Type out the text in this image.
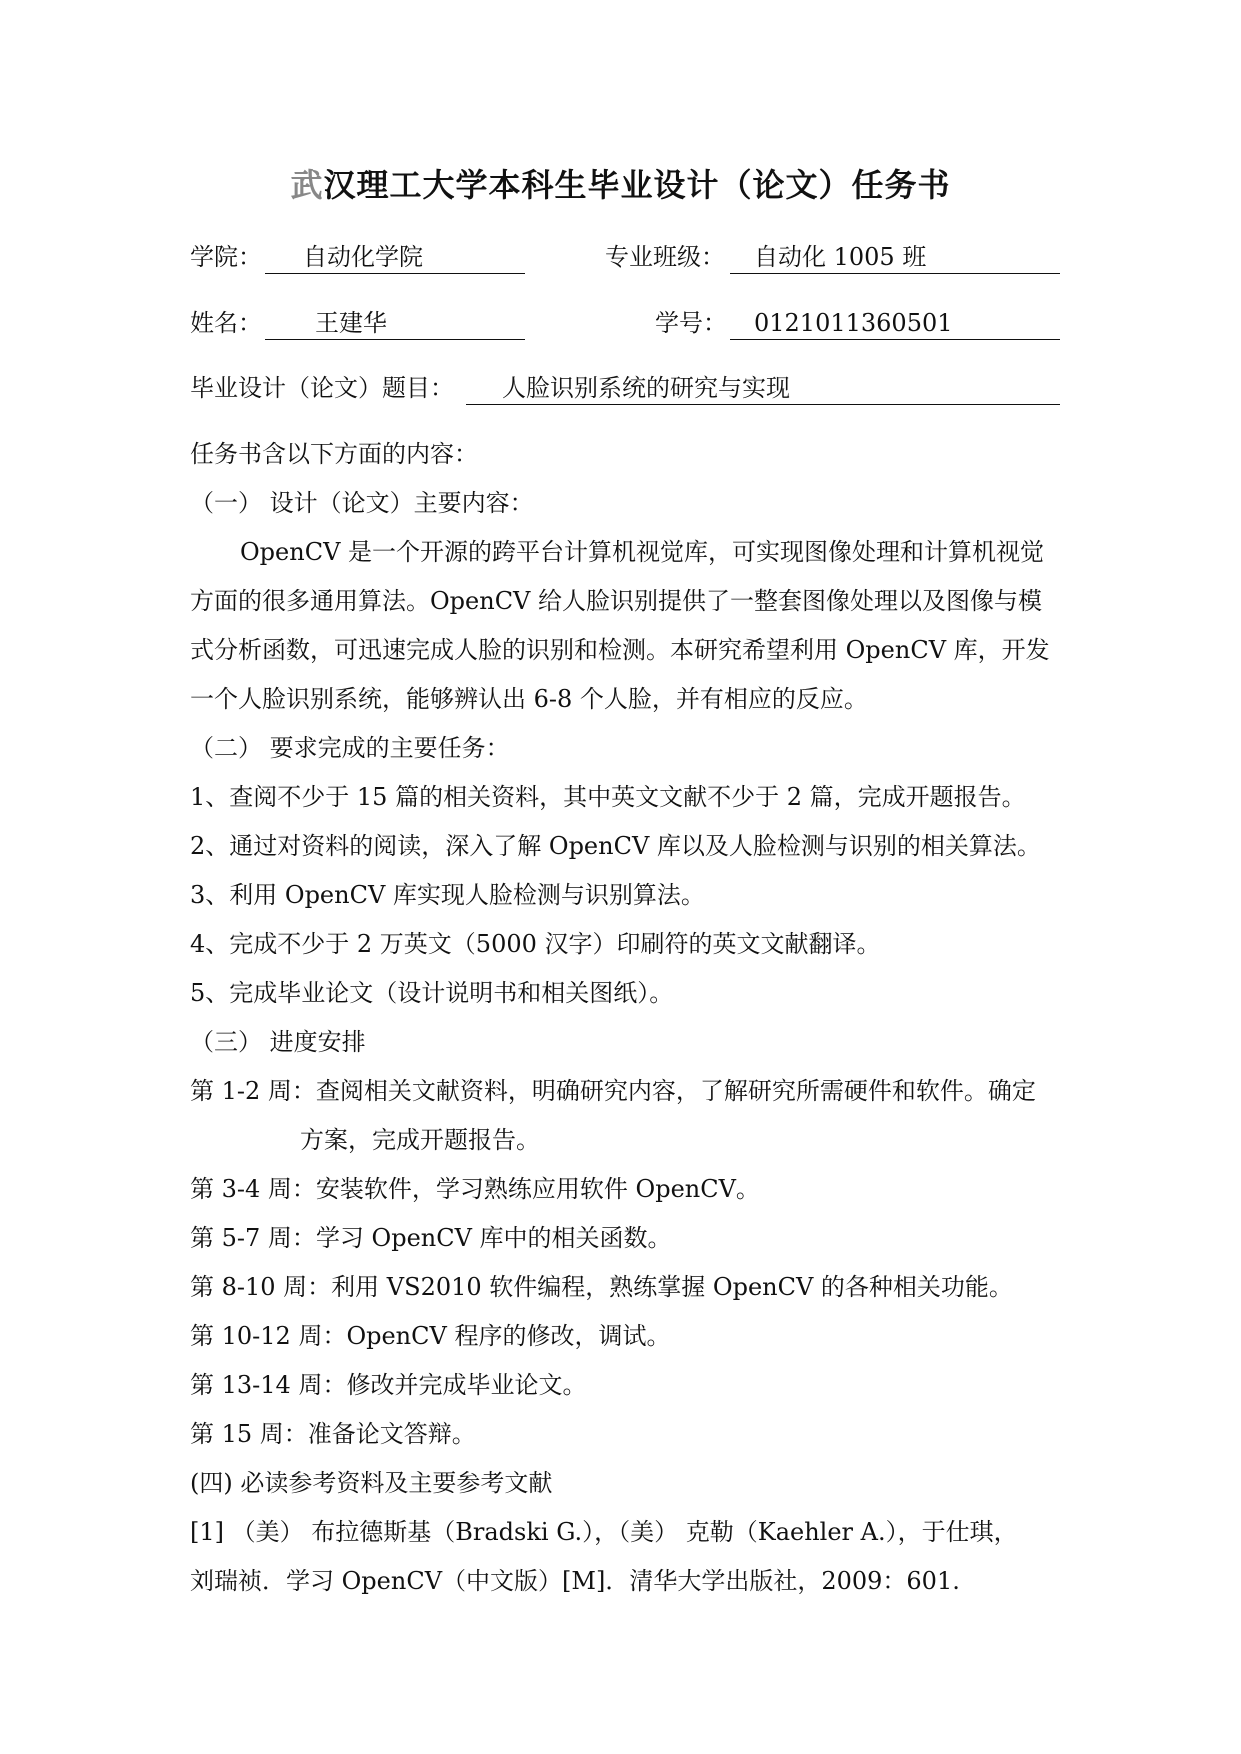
武汉理工大学本科生毕业设计（论文）任务书
学院：	自动化学院	专业班级：	自动化 1005 班
姓名：	王建华	学号：	0121011360501
毕业设计（论文）题目：	人脸识别系统的研究与实现
任务书含以下方面的内容：
（一） 设计（论文）主要内容：
OpenCV 是一个开源的跨平台计算机视觉库，可实现图像处理和计算机视觉方面的很多通用算法。OpenCV 给人脸识别提供了一整套图像处理以及图像与模式分析函数，可迅速完成人脸的识别和检测。本研究希望利用 OpenCV 库，开发一个人脸识别系统，能够辨认出 6-8 个人脸，并有相应的反应。
（二） 要求完成的主要任务：
1、查阅不少于 15 篇的相关资料，其中英文文献不少于 2 篇，完成开题报告。
2、通过对资料的阅读，深入了解 OpenCV 库以及人脸检测与识别的相关算法。
3、利用 OpenCV 库实现人脸检测与识别算法。
4、完成不少于 2 万英文（5000 汉字）印刷符的英文文献翻译。
5、完成毕业论文（设计说明书和相关图纸）。
（三） 进度安排
第 1-2 周：查阅相关文献资料，明确研究内容，了解研究所需硬件和软件。确定
方案，完成开题报告。
第 3-4 周：安装软件，学习熟练应用软件 OpenCV。
第 5-7 周：学习 OpenCV 库中的相关函数。
第 8-10 周：利用 VS2010 软件编程，熟练掌握 OpenCV 的各种相关功能。
第 10-12 周：OpenCV 程序的修改，调试。
第 13-14 周：修改并完成毕业论文。
第 15 周：准备论文答辩。
(四) 必读参考资料及主要参考文献
[1] （美） 布拉德斯基（Bradski G.），（美） 克勒（Kaehler A.），于仕琪，
刘瑞祯．学习 OpenCV（中文版）[M]．清华大学出版社，2009：601.
